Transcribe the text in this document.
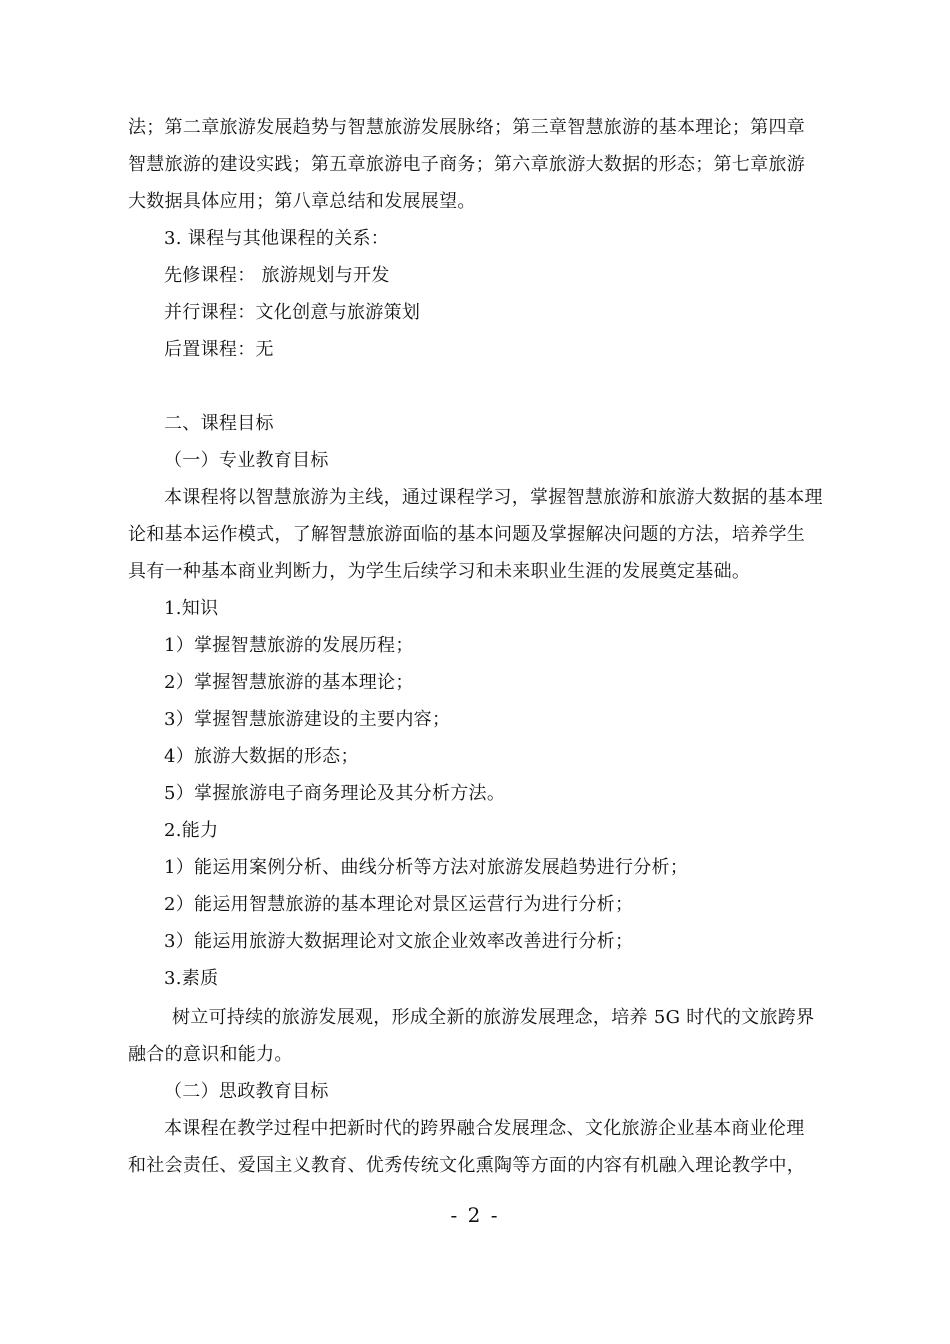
法；第二章旅游发展趋势与智慧旅游发展脉络；第三章智慧旅游的基本理论；第四章
智慧旅游的建设实践；第五章旅游电子商务；第六章旅游大数据的形态；第七章旅游
大数据具体应用；第八章总结和发展展望。
3. 课程与其他课程的关系：
先修课程： 旅游规划与开发
并行课程：文化创意与旅游策划
后置课程：无
二、课程目标
（一）专业教育目标
本课程将以智慧旅游为主线，通过课程学习，掌握智慧旅游和旅游大数据的基本理
论和基本运作模式，了解智慧旅游面临的基本问题及掌握解决问题的方法，培养学生
具有一种基本商业判断力，为学生后续学习和未来职业生涯的发展奠定基础。
1.知识
1）掌握智慧旅游的发展历程；
2）掌握智慧旅游的基本理论；
3）掌握智慧旅游建设的主要内容；
4）旅游大数据的形态；
5）掌握旅游电子商务理论及其分析方法。
2.能力
1）能运用案例分析、曲线分析等方法对旅游发展趋势进行分析；
2）能运用智慧旅游的基本理论对景区运营行为进行分析；
3）能运用旅游大数据理论对文旅企业效率改善进行分析；
3.素质
树立可持续的旅游发展观，形成全新的旅游发展理念，培养 5G 时代的文旅跨界
融合的意识和能力。
（二）思政教育目标
本课程在教学过程中把新时代的跨界融合发展理念、文化旅游企业基本商业伦理
和社会责任、爱国主义教育、优秀传统文化熏陶等方面的内容有机融入理论教学中，
- 2 -
